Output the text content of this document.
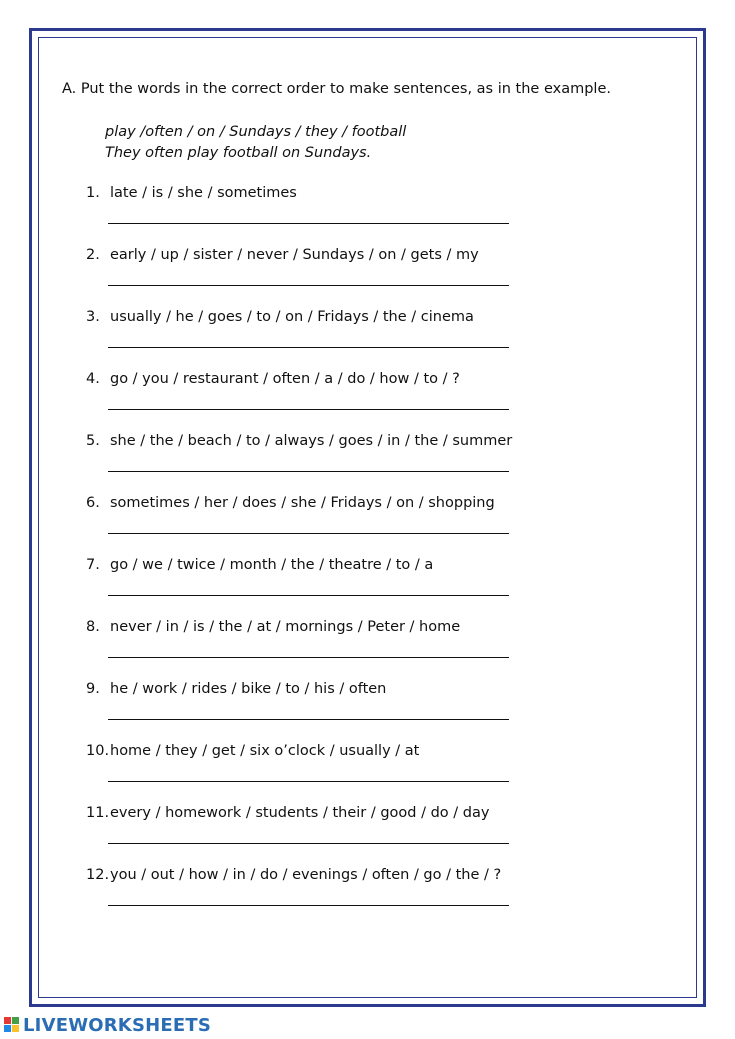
A. Put the words in the correct order to make sentences, as in the example.
play /often / on / Sundays / they / football
They often play football on Sundays.
1. late / is / she / sometimes
2. early / up / sister / never / Sundays / on / gets / my
3. usually / he / goes / to / on / Fridays / the / cinema
4. go / you / restaurant / often / a / do / how / to / ?
5. she / the / beach / to / always / goes / in / the / summer
6. sometimes / her / does / she / Fridays / on / shopping
7. go / we / twice / month / the / theatre / to / a
8. never / in / is / the / at / mornings / Peter / home
9. he / work / rides / bike / to / his / often
10. home / they / get / six o’clock / usually / at
11. every / homework / students / their / good / do / day
12. you / out / how / in / do / evenings / often / go / the / ?
LIVEWORKSHEETS
